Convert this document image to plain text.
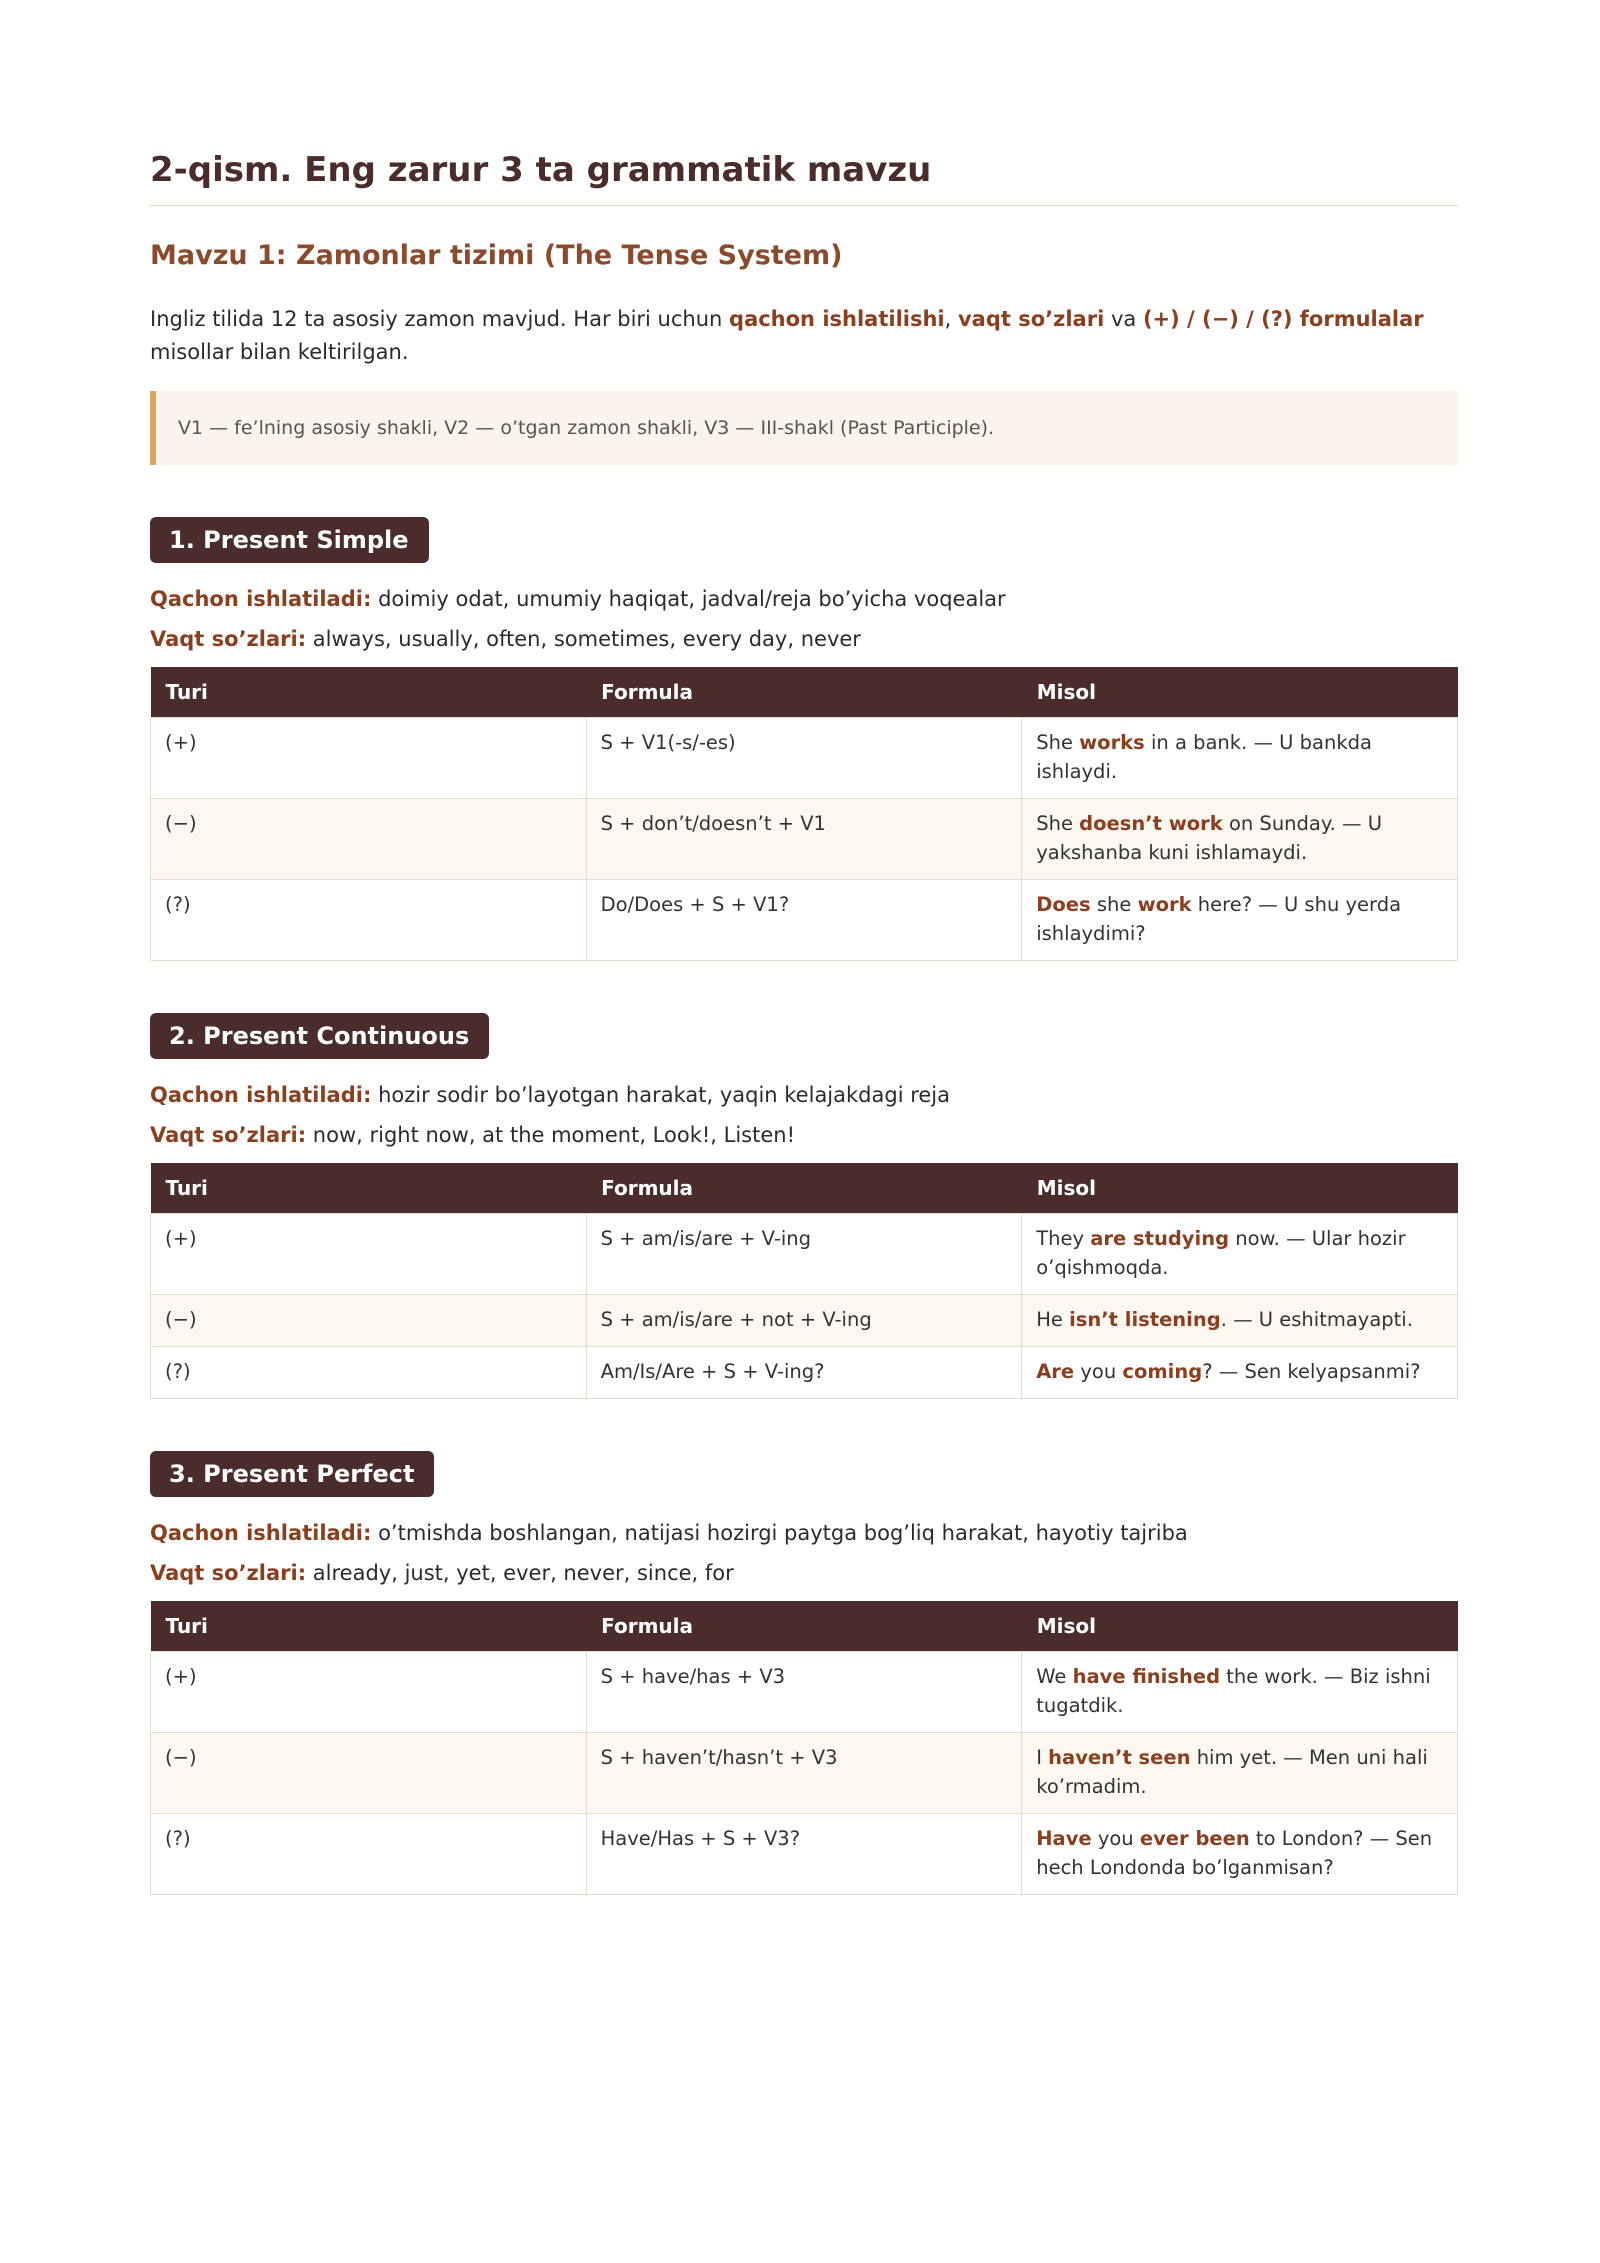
2-qism. Eng zarur 3 ta grammatik mavzu
Mavzu 1: Zamonlar tizimi (The Tense System)

Ingliz tilida 12 ta asosiy zamon mavjud. Har biri uchun qachon ishlatilishi, vaqt so’zlari va (+) / (−) / (?) formulalar misollar bilan keltirilgan.

V1 — fe’lning asosiy shakli, V2 — o’tgan zamon shakli, V3 — III-shakl (Past Participle).
1. Present Simple
Qachon ishlatiladi: doimiy odat, umumiy haqiqat, jadval/reja bo’yicha voqealar
Vaqt so’zlari: always, usually, often, sometimes, every day, never
Turi	Formula	Misol
(+)	S + V1(-s/-es)	She works in a bank. — U bankda ishlaydi.
(−)	S + don’t/doesn’t + V1	She doesn’t work on Sunday. — U yakshanba kuni ishlamaydi.
(?)	Do/Does + S + V1?	Does she work here? — U shu yerda ishlaydimi?
2. Present Continuous
Qachon ishlatiladi: hozir sodir bo’layotgan harakat, yaqin kelajakdagi reja
Vaqt so’zlari: now, right now, at the moment, Look!, Listen!
Turi	Formula	Misol
(+)	S + am/is/are + V-ing	They are studying now. — Ular hozir o’qishmoqda.
(−)	S + am/is/are + not + V-ing	He isn’t listening. — U eshitmayapti.
(?)	Am/Is/Are + S + V-ing?	Are you coming? — Sen kelyapsanmi?
3. Present Perfect
Qachon ishlatiladi: o’tmishda boshlangan, natijasi hozirgi paytga bog’liq harakat, hayotiy tajriba
Vaqt so’zlari: already, just, yet, ever, never, since, for
Turi	Formula	Misol
(+)	S + have/has + V3	We have finished the work. — Biz ishni tugatdik.
(−)	S + haven’t/hasn’t + V3	I haven’t seen him yet. — Men uni hali ko’rmadim.
(?)	Have/Has + S + V3?	Have you ever been to London? — Sen hech Londonda bo’lganmisan?
